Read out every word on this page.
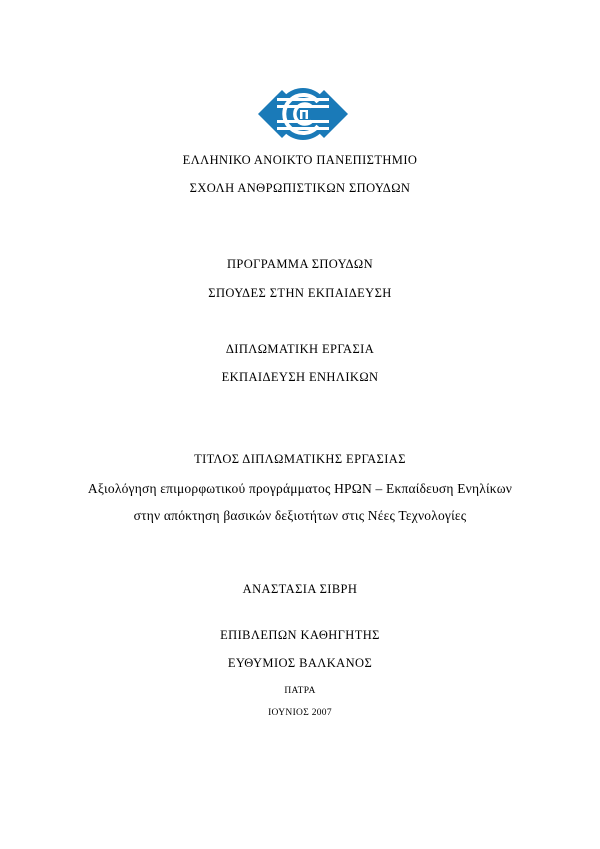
ΕΛΛΗΝΙΚΟ ΑΝΟΙΚΤΟ ΠΑΝΕΠΙΣΤΗΜΙΟ
ΣΧΟΛΗ ΑΝΘΡΩΠΙΣΤΙΚΩΝ ΣΠΟΥΔΩΝ
ΠΡΟΓΡΑΜΜΑ ΣΠΟΥΔΩΝ
ΣΠΟΥΔΕΣ ΣΤΗΝ ΕΚΠΑΙΔΕΥΣΗ
ΔΙΠΛΩΜΑΤΙΚΗ ΕΡΓΑΣΙΑ
ΕΚΠΑΙΔΕΥΣΗ ΕΝΗΛΙΚΩΝ
ΤΙΤΛΟΣ ΔΙΠΛΩΜΑΤΙΚΗΣ ΕΡΓΑΣΙΑΣ
Αξιολόγηση επιμορφωτικού προγράμματος ΗΡΩΝ – Εκπαίδευση Ενηλίκων
στην απόκτηση βασικών δεξιοτήτων στις Νέες Τεχνολογίες
ΑΝΑΣΤΑΣΙΑ ΣΙΒΡΗ
ΕΠΙΒΛΕΠΩΝ ΚΑΘΗΓΗΤΗΣ
ΕΥΘΥΜΙΟΣ ΒΑΛΚΑΝΟΣ
ΠΑΤΡΑ
ΙΟΥΝΙΟΣ 2007
